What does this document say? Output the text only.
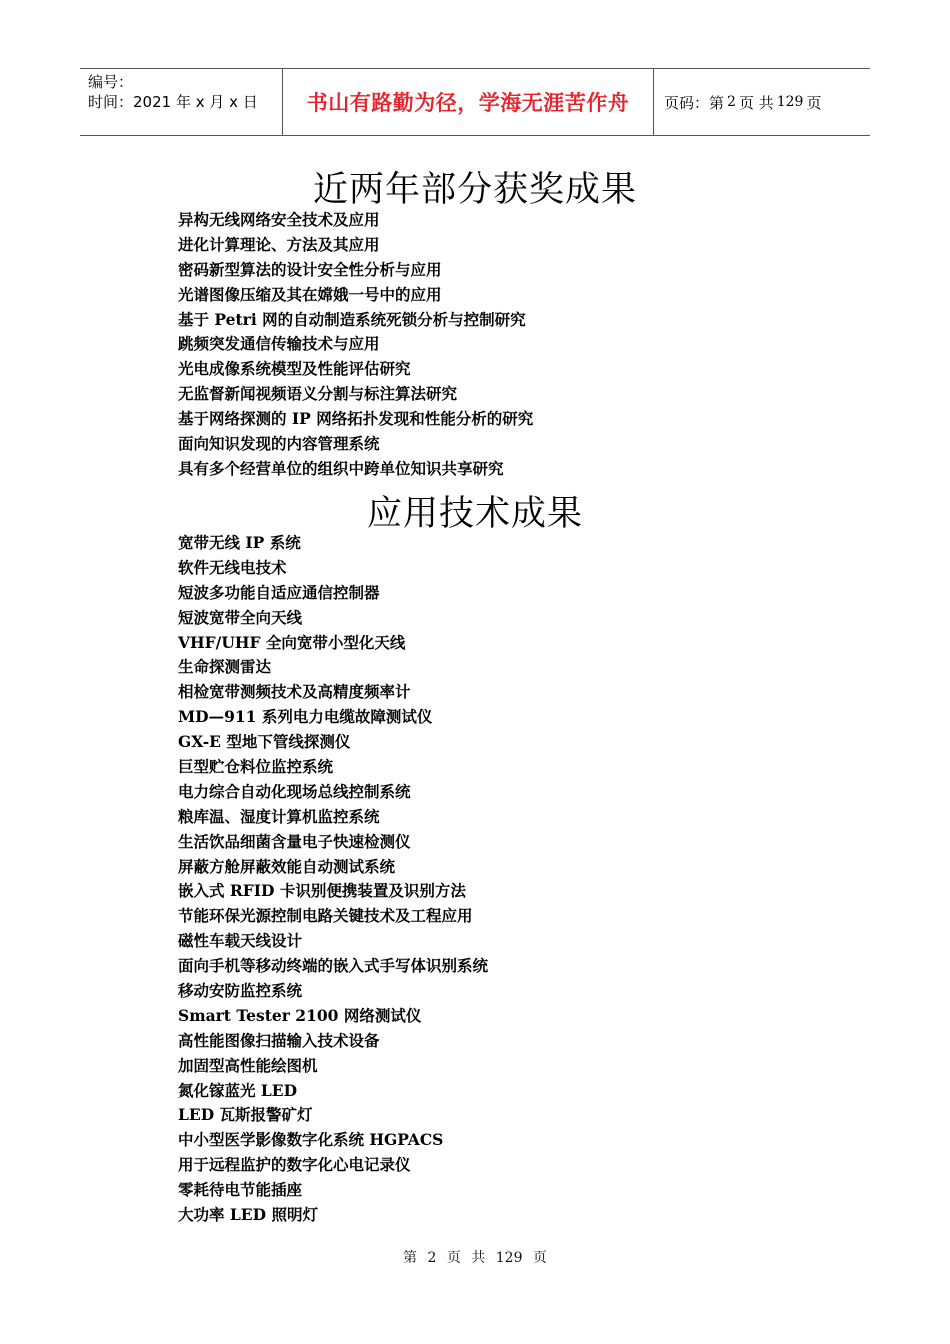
编号：
时间：2021 年 x 月 x 日	书山有路勤为径，学海无涯苦作舟	页码：第 2 页 共 129 页
近两年部分获奖成果
异构无线网络安全技术及应用
进化计算理论、方法及其应用
密码新型算法的设计安全性分析与应用
光谱图像压缩及其在嫦娥一号中的应用
基于 Petri 网的自动制造系统死锁分析与控制研究
跳频突发通信传输技术与应用
光电成像系统模型及性能评估研究
无监督新闻视频语义分割与标注算法研究
基于网络探测的 IP 网络拓扑发现和性能分析的研究
面向知识发现的内容管理系统
具有多个经营单位的组织中跨单位知识共享研究
应用技术成果
宽带无线 IP 系统
软件无线电技术
短波多功能自适应通信控制器
短波宽带全向天线
VHF/UHF 全向宽带小型化天线
生命探测雷达
相检宽带测频技术及高精度频率计
MD—911 系列电力电缆故障测试仪
GX-E 型地下管线探测仪
巨型贮仓料位监控系统
电力综合自动化现场总线控制系统
粮库温、湿度计算机监控系统
生活饮品细菌含量电子快速检测仪
屏蔽方舱屏蔽效能自动测试系统
嵌入式 RFID 卡识别便携装置及识别方法
节能环保光源控制电路关键技术及工程应用
磁性车载天线设计
面向手机等移动终端的嵌入式手写体识别系统
移动安防监控系统
Smart Tester 2100 网络测试仪
高性能图像扫描输入技术设备
加固型高性能绘图机
氮化镓蓝光 LED
LED 瓦斯报警矿灯
中小型医学影像数字化系统 HGPACS
用于远程监护的数字化心电记录仪
零耗待电节能插座
大功率 LED 照明灯
第 2 页 共 129 页
